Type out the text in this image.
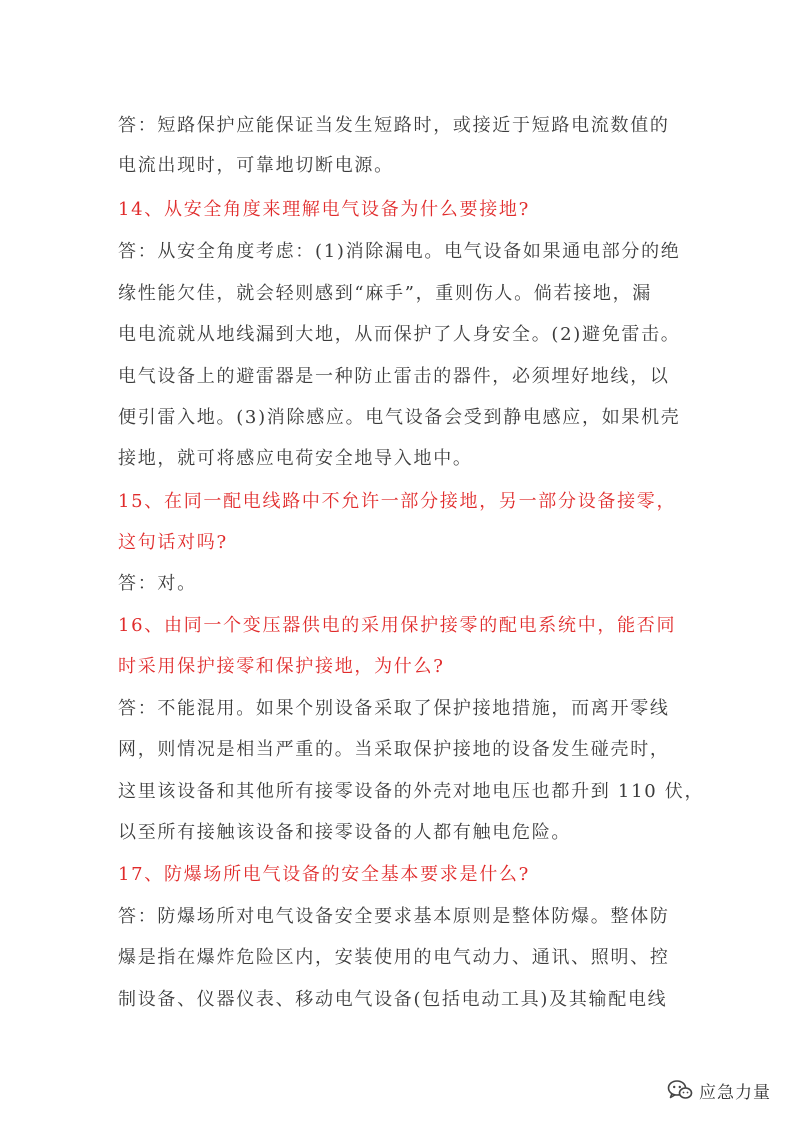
答：短路保护应能保证当发生短路时，或接近于短路电流数值的
电流出现时，可靠地切断电源。
14、从安全角度来理解电气设备为什么要接地?
答：从安全角度考虑：(1)消除漏电。电气设备如果通电部分的绝
缘性能欠佳，就会轻则感到“麻手”，重则伤人。倘若接地，漏
电电流就从地线漏到大地，从而保护了人身安全。(2)避免雷击。
电气设备上的避雷器是一种防止雷击的器件，必须埋好地线，以
便引雷入地。(3)消除感应。电气设备会受到静电感应，如果机壳
接地，就可将感应电荷安全地导入地中。
15、在同一配电线路中不允许一部分接地，另一部分设备接零，
这句话对吗?
答：对。
16、由同一个变压器供电的采用保护接零的配电系统中，能否同
时采用保护接零和保护接地，为什么?
答：不能混用。如果个别设备采取了保护接地措施，而离开零线
网，则情况是相当严重的。当采取保护接地的设备发生碰壳时，
这里该设备和其他所有接零设备的外壳对地电压也都升到 110 伏，
以至所有接触该设备和接零设备的人都有触电危险。
17、防爆场所电气设备的安全基本要求是什么?
答：防爆场所对电气设备安全要求基本原则是整体防爆。整体防
爆是指在爆炸危险区内，安装使用的电气动力、通讯、照明、控
制设备、仪器仪表、移动电气设备(包括电动工具)及其输配电线
应急力量
